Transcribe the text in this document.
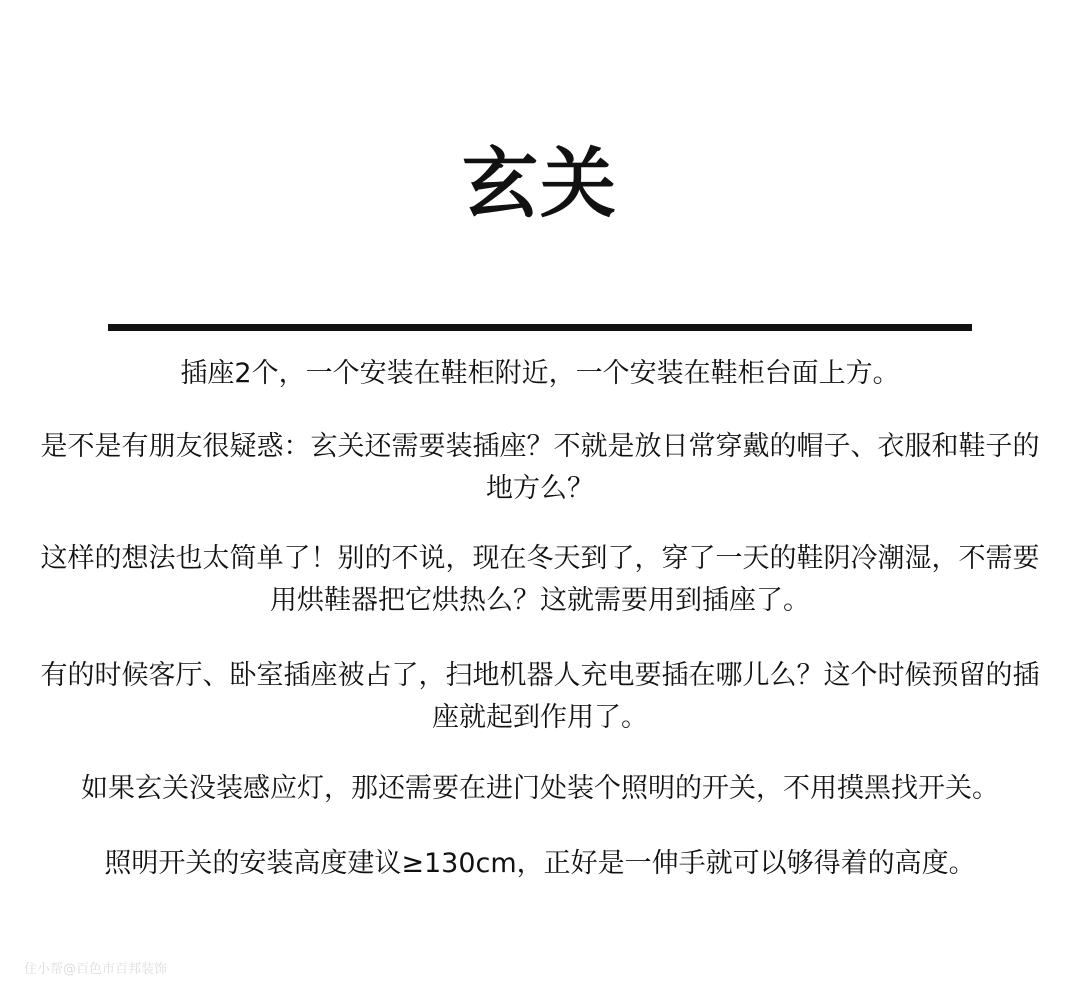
玄关

插座2个，一个安装在鞋柜附近，一个安装在鞋柜台面上方。

是不是有朋友很疑惑：玄关还需要装插座？不就是放日常穿戴的帽子、衣服和鞋子的地方么？

这样的想法也太简单了！别的不说，现在冬天到了，穿了一天的鞋阴冷潮湿，不需要用烘鞋器把它烘热么？这就需要用到插座了。

有的时候客厅、卧室插座被占了，扫地机器人充电要插在哪儿么？这个时候预留的插座就起到作用了。

如果玄关没装感应灯，那还需要在进门处装个照明的开关，不用摸黑找开关。

照明开关的安装高度建议≥130cm，正好是一伸手就可以够得着的高度。

住小帮@百色市百邦装饰
